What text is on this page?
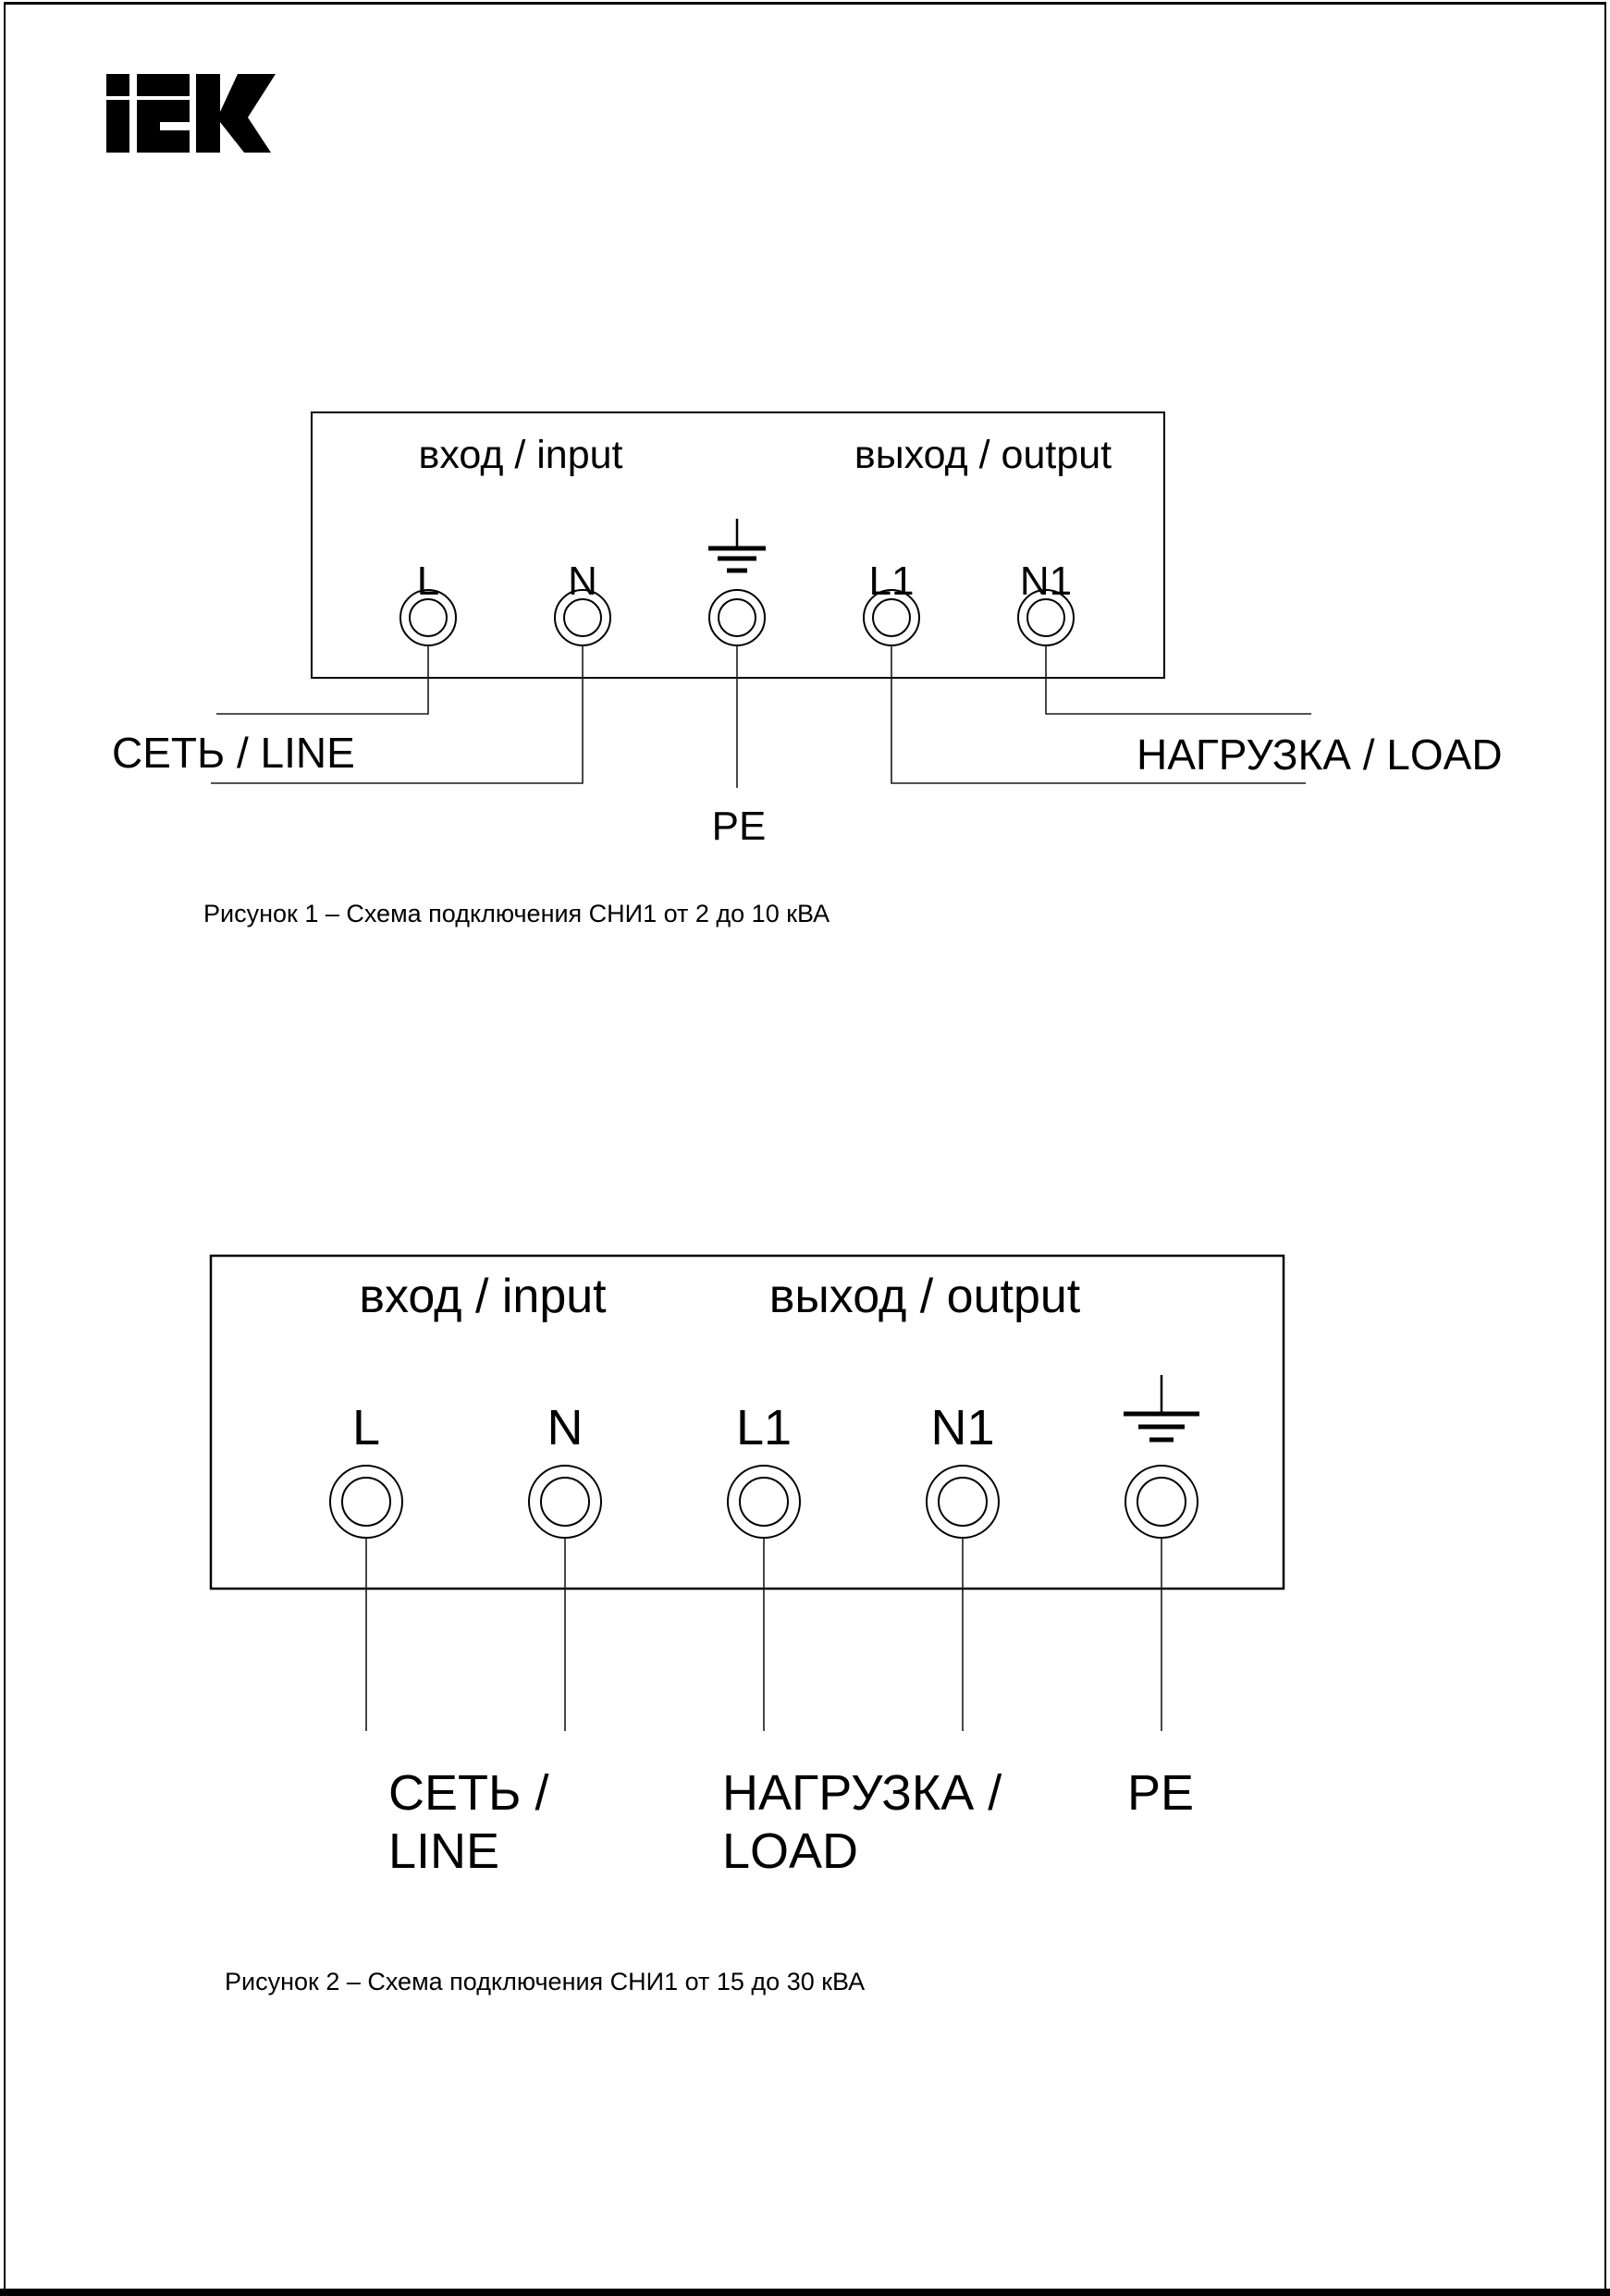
вход / input	выход / output
L	N	L1	N1
СЕТЬ / LINE	НАГРУЗКА / LOAD
PE
Рисунок 1 – Схема подключения СНИ1 от 2 до 10 кВА
вход / input	выход / output
L	N	L1	N1
СЕТЬ /
LINE
НАГРУЗКА /
LOAD
PE
Рисунок 2 – Схема подключения СНИ1 от 15 до 30 кВА
